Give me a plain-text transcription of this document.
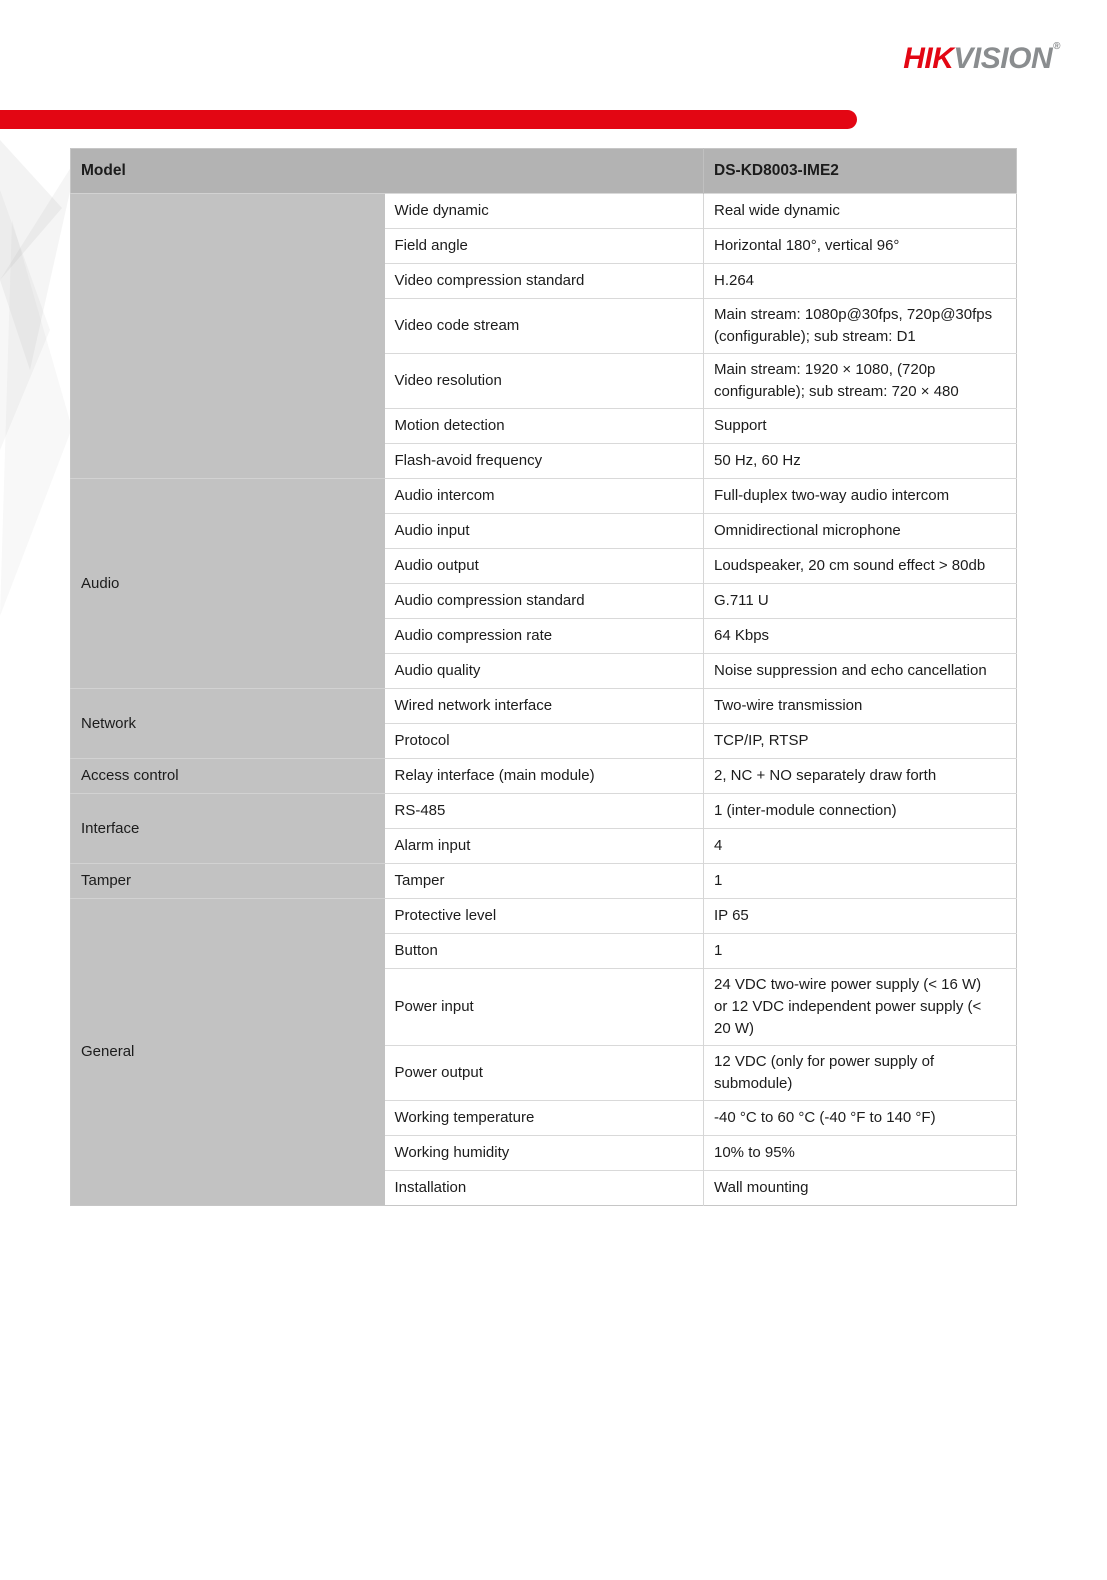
HIKVISION®
Model		DS-KD8003-IME2
	Wide dynamic	Real wide dynamic
	Field angle	Horizontal 180°, vertical 96°
	Video compression standard	H.264
	Video code stream	Main stream: 1080p@30fps, 720p@30fps (configurable); sub stream: D1
	Video resolution	Main stream: 1920 × 1080, (720p configurable); sub stream: 720 × 480
	Motion detection	Support
	Flash-avoid frequency	50 Hz, 60 Hz
Audio	Audio intercom	Full-duplex two-way audio intercom
	Audio input	Omnidirectional microphone
	Audio output	Loudspeaker, 20 cm sound effect > 80db
	Audio compression standard	G.711 U
	Audio compression rate	64 Kbps
	Audio quality	Noise suppression and echo cancellation
Network	Wired network interface	Two-wire transmission
	Protocol	TCP/IP, RTSP
Access control	Relay interface (main module)	2, NC + NO separately draw forth
Interface	RS-485	1 (inter-module connection)
	Alarm input	4
Tamper	Tamper	1
General	Protective level	IP 65
	Button	1
	Power input	24 VDC two-wire power supply (< 16 W) or 12 VDC independent power supply (< 20 W)
	Power output	12 VDC (only for power supply of submodule)
	Working temperature	-40 °C to 60 °C (-40 °F to 140 °F)
	Working humidity	10% to 95%
	Installation	Wall mounting
